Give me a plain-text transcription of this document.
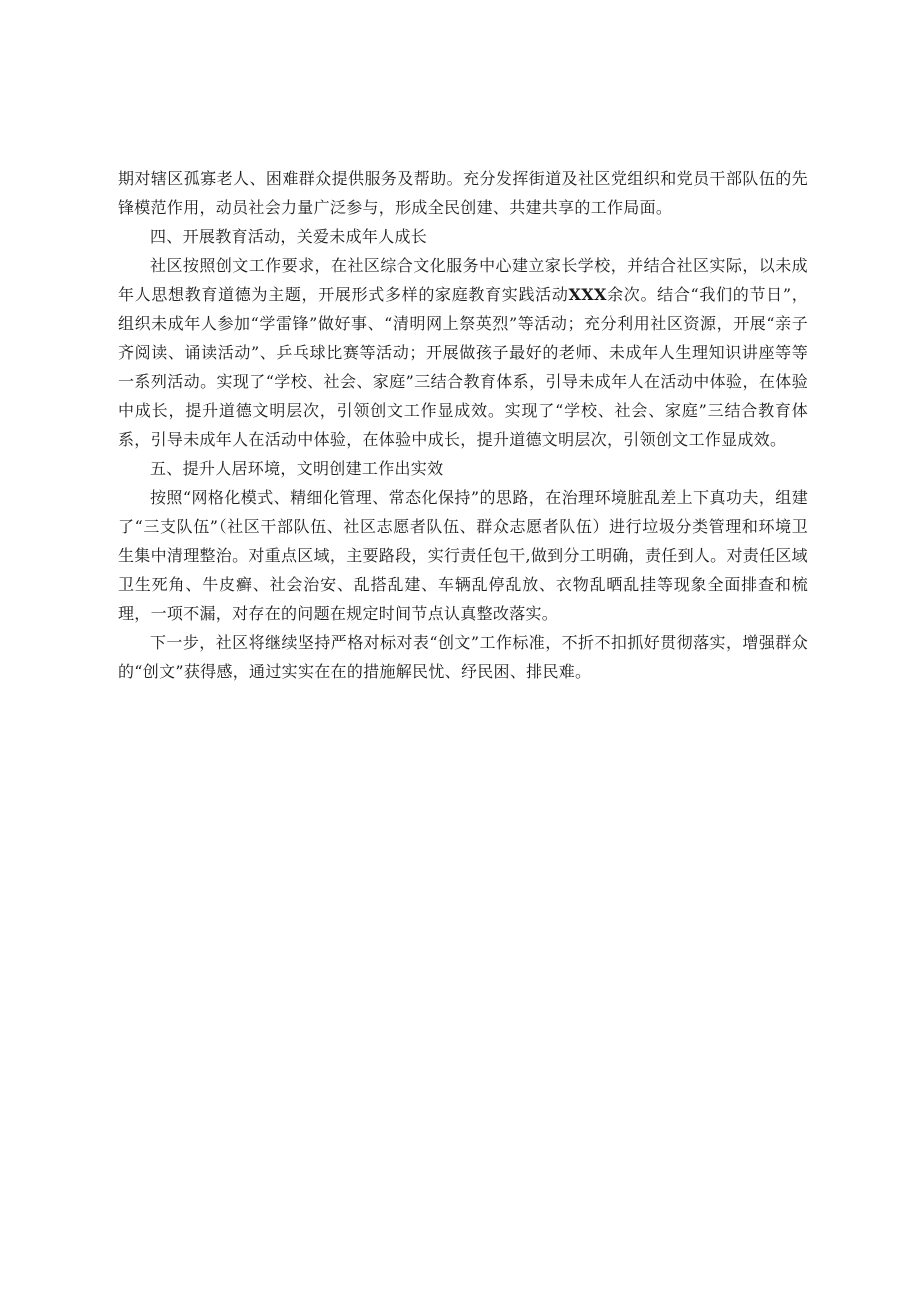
期对辖区孤寡老人、困难群众提供服务及帮助。充分发挥街道及社区党组织和党员干部队伍的先锋模范作用，动员社会力量广泛参与，形成全民创建、共建共享的工作局面。

四、开展教育活动，关爱未成年人成长

社区按照创文工作要求，在社区综合文化服务中心建立家长学校，并结合社区实际，以未成年人思想教育道德为主题，开展形式多样的家庭教育实践活动XXX余次。结合“我们的节日”，组织未成年人参加“学雷锋”做好事、“清明网上祭英烈”等活动；充分利用社区资源，开展“亲子齐阅读、诵读活动”、乒乓球比赛等活动；开展做孩子最好的老师、未成年人生理知识讲座等等一系列活动。实现了“学校、社会、家庭”三结合教育体系，引导未成年人在活动中体验，在体验中成长，提升道德文明层次，引领创文工作显成效。实现了“学校、社会、家庭”三结合教育体系，引导未成年人在活动中体验，在体验中成长，提升道德文明层次，引领创文工作显成效。

五、提升人居环境，文明创建工作出实效

按照“网格化模式、精细化管理、常态化保持”的思路，在治理环境脏乱差上下真功夫，组建了“三支队伍”（社区干部队伍、社区志愿者队伍、群众志愿者队伍）进行垃圾分类管理和环境卫生集中清理整治。对重点区域，主要路段，实行责任包干,做到分工明确，责任到人。对责任区域卫生死角、牛皮癣、社会治安、乱搭乱建、车辆乱停乱放、衣物乱晒乱挂等现象全面排查和梳理，一项不漏，对存在的问题在规定时间节点认真整改落实。

下一步，社区将继续坚持严格对标对表“创文”工作标准，不折不扣抓好贯彻落实，增强群众的“创文”获得感，通过实实在在的措施解民忧、纾民困、排民难。
